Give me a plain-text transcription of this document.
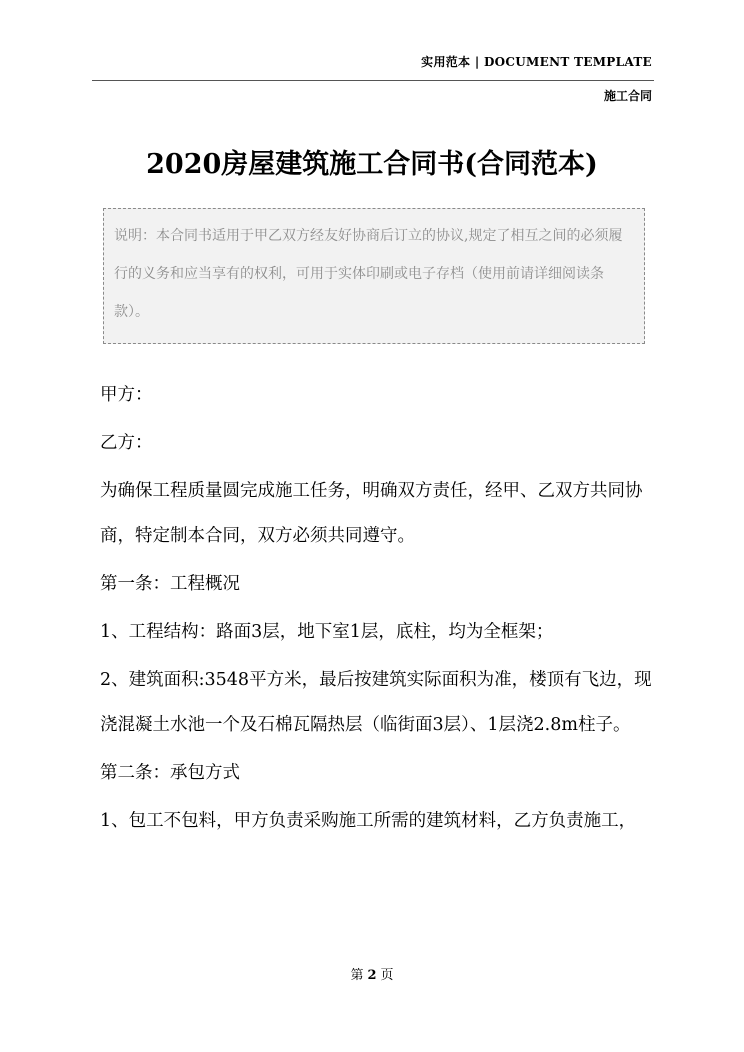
实用范本 | DOCUMENT TEMPLATE
施工合同
2020房屋建筑施工合同书(合同范本)

说明：本合同书适用于甲乙双方经友好协商后订立的协议,规定了相互之间的必须履行的义务和应当享有的权利，可用于实体印刷或电子存档（使用前请详细阅读条款）。

甲方：

乙方：

为确保工程质量圆完成施工任务，明确双方责任，经甲、乙双方共同协商，特定制本合同，双方必须共同遵守。

第一条：工程概况

1、工程结构：路面3层，地下室1层，底柱，均为全框架；

2、建筑面积:3548平方米，最后按建筑实际面积为准，楼顶有飞边，现浇混凝土水池一个及石棉瓦隔热层（临街面3层）、1层浇2.8m柱子。

第二条：承包方式

1、包工不包料，甲方负责采购施工所需的建筑材料，乙方负责施工，

第 2 页
